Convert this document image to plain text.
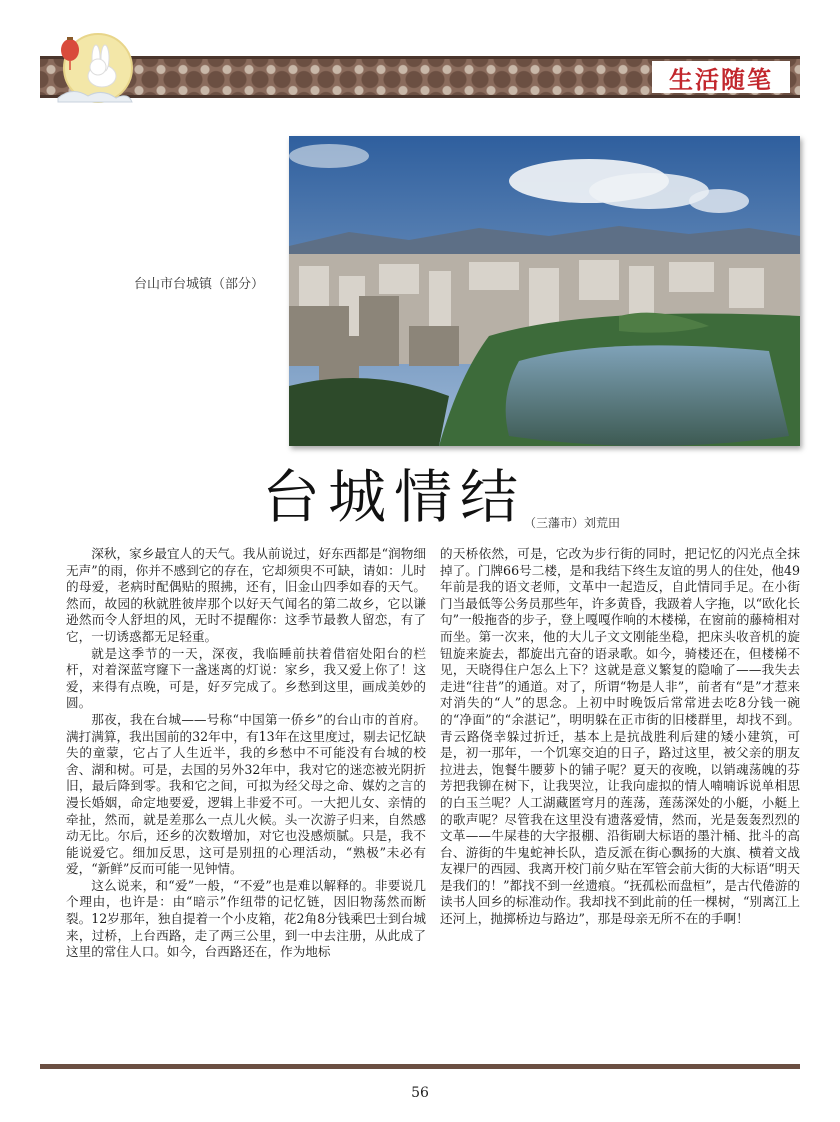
生活随笔
台山市台城镇（部分）
台城情结
（三藩市）刘荒田

深秋，家乡最宜人的天气。我从前说过，好东西都是“润物细无声”的雨，你并不感到它的存在，它却须臾不可缺，请如：儿时的母爱，老病时配偶贴的照拂，还有，旧金山四季如春的天气。然而，故园的秋就胜彼岸那个以好天气闻名的第二故乡，它以谦逊然而令人舒坦的风，无时不提醒你：这季节最教人留恋，有了它，一切诱惑都无足轻重。

就是这季节的一天，深夜，我临睡前扶着借宿处阳台的栏杆，对着深蓝穹窿下一盏迷离的灯说：家乡，我又爱上你了！这爱，来得有点晚，可是，好歹完成了。乡愁到这里，画成美妙的圆。

那夜，我在台城——号称“中国第一侨乡”的台山市的首府。满打满算，我出国前的32年中，有13年在这里度过，剔去记忆缺失的童蒙，它占了人生近半，我的乡愁中不可能没有台城的校舍、湖和树。可是，去国的另外32年中，我对它的迷恋被光阴折旧，最后降到零。我和它之间，可拟为经父母之命、媒妁之言的漫长婚姻，命定地要爱，逻辑上非爱不可。一大把儿女、亲情的牵扯，然而，就是差那么一点儿火候。头一次游子归来，自然感动无比。尔后，还乡的次数增加，对它也没感烦腻。只是，我不能说爱它。细加反思，这可是别扭的心理活动，“熟极”未必有爱，“新鲜”反而可能一见钟情。

这么说来，和“爱”一般，“不爱”也是难以解释的。非要说几个理由，也许是：由“暗示”作纽带的记忆链，因旧物荡然而断裂。12岁那年，独自提着一个小皮箱，花2角8分钱乘巴士到台城来，过桥，上台西路，走了两三公里，到一中去注册，从此成了这里的常住人口。如今，台西路还在，作为地标

的天桥依然，可是，它改为步行街的同时，把记忆的闪光点全抹掉了。门牌66号二楼，是和我结下终生友谊的男人的住处，他49年前是我的语文老师，文革中一起造反，自此情同手足。在小街门当最低等公务员那些年，许多黄昏，我趿着人字拖，以“欧化长句”一般拖沓的步子，登上嘎嘎作响的木楼梯，在窗前的藤椅相对而坐。第一次来，他的大儿子文文刚能坐稳，把床头收音机的旋钮旋来旋去，都旋出亢奋的语录歌。如今，骑楼还在，但楼梯不见，天晓得住户怎么上下？这就是意义繁复的隐喻了——我失去走进“往昔”的通道。对了，所谓“物是人非”，前者有“是”才惹来对消失的“人”的思念。上初中时晚饭后常常进去吃8分钱一碗的“净面”的“余湛记”，明明躲在正市街的旧楼群里，却找不到。青云路侥幸躲过折迁，基本上是抗战胜利后建的矮小建筑，可是，初一那年，一个饥寒交迫的日子，路过这里，被父亲的朋友拉进去，饱餐牛腰萝卜的铺子呢？夏天的夜晚，以销魂荡魄的芬芳把我铆在树下，让我哭泣，让我向虚拟的情人喃喃诉说单相思的白玉兰呢？人工湖藏匿穹月的莲荡，莲荡深处的小艇，小艇上的歌声呢？尽管我在这里没有遗落爱情，然而，光是轰轰烈烈的文革——牛屎巷的大字报棚、沿街刷大标语的墨汁桶、批斗的高台、游街的牛鬼蛇神长队，造反派在街心飘扬的大旗、横着文战友裸尸的西园、我离开校门前夕贴在军管会前大街的大标语“明天是我们的！”都找不到一丝遗痕。“抚孤松而盘桓”，是古代倦游的读书人回乡的标准动作。我却找不到此前的任一棵树，“别离江上还河上，抛掷桥边与路边”，那是母亲无所不在的手啊！

56
